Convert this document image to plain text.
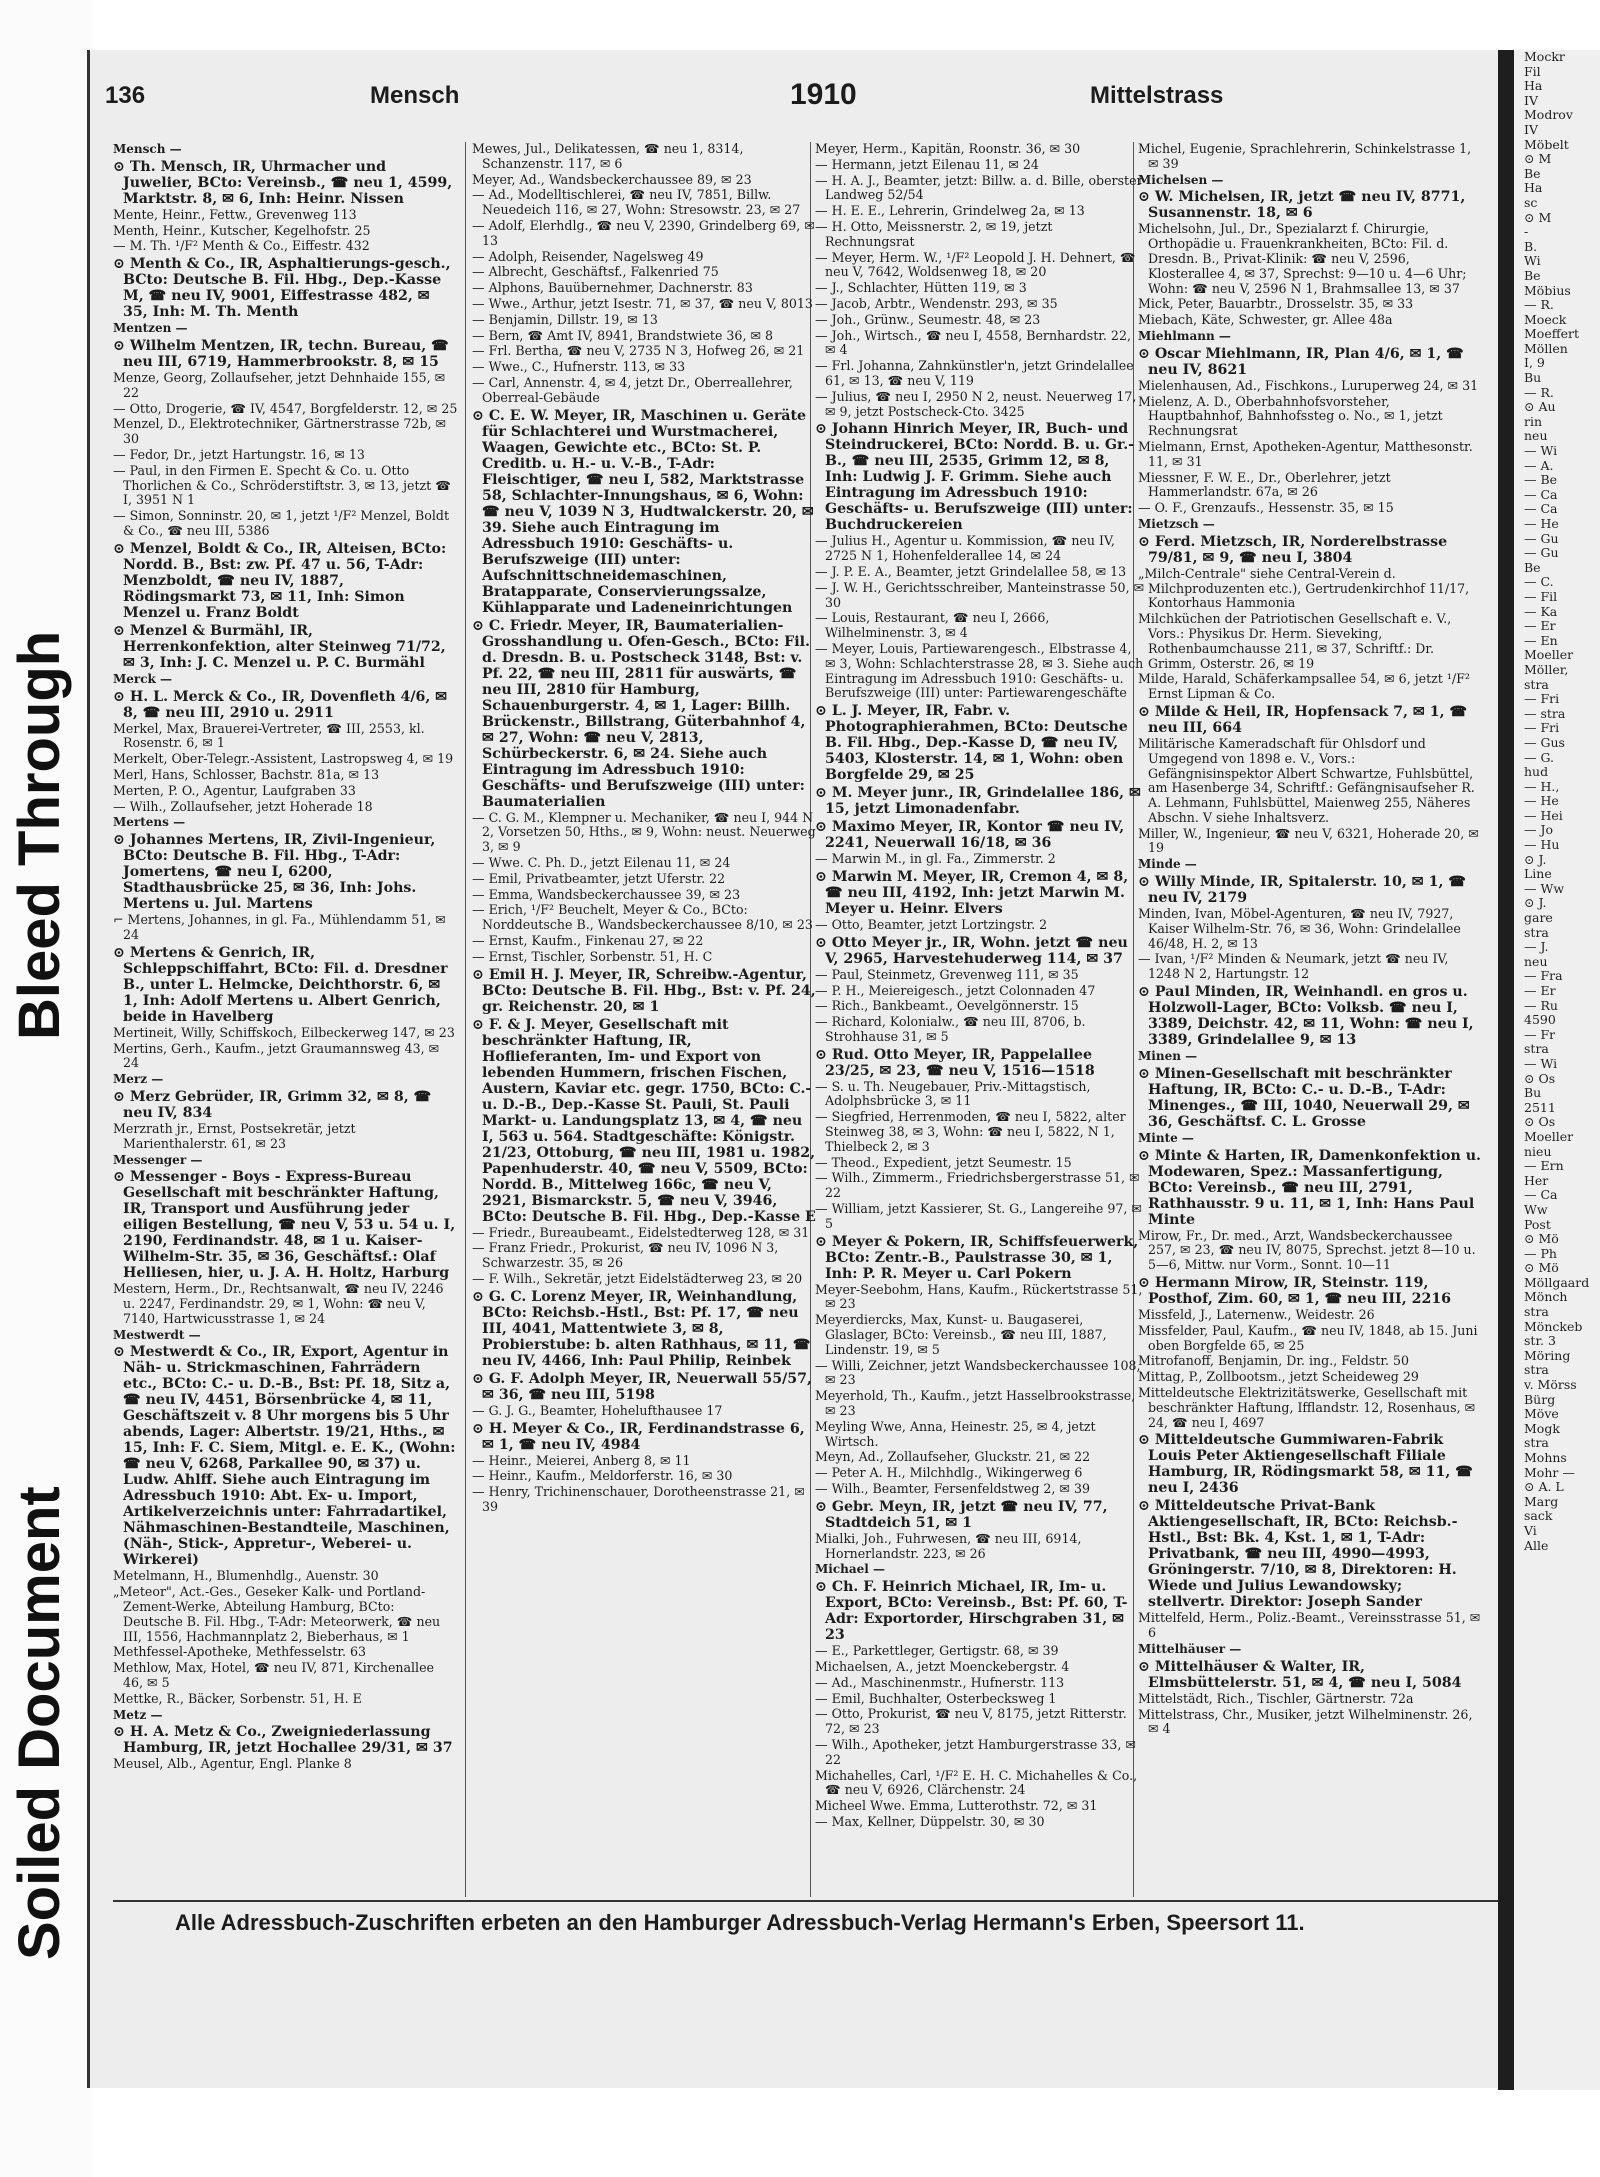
Bleed Through
Soiled Document
Mockr
Fil
Ha
IV
Modrov
IV
Möbelt
⊙ M
Be
Ha
sc
⊙ M
-
B.
Wi
Be
Möbius
— R.
Moeck
Moeffert
Möllen
I, 9
Bu
— R.
⊙ Au
rin
neu
— Wi
— A.
— Be
— Ca
— Ca
— He
— Gu
— Gu
Be
— C.
— Fil
— Ka
— Er
— En
Moeller
Möller,
stra
— Fri
— stra
— Fri
— Gus
— G.
hud
— H.,
— He
— Hei
— Jo
— Hu
⊙ J.
Line
— Ww
⊙ J.
gare
stra
— J.
neu
— Fra
— Er
— Ru
4590
— Fr
stra
— Wi
⊙ Os
Bu
2511
⊙ Os
Moeller
nieu
— Ern
Her
— Ca
Ww
Post
⊙ Mö
— Ph
⊙ Mö
Möllgaard
Mönch
stra
Mönckeb
str. 3
Möring
stra
v. Mörss
Bürg
Möve
Mogk
stra
Mohns
Mohr —
⊙ A. L
Marg
sack
Vi
Alle
136	Mensch	1910	Mittelstrass
Mensch —
⊙ Th. Mensch, IR, Uhrmacher und Juwelier, BCto: Vereinsb., ☎ neu 1, 4599, Marktstr. 8, ✉ 6, Inh: Heinr. Nissen
Mente, Heinr., Fettw., Grevenweg 113
Menth, Heinr., Kutscher, Kegelhofstr. 25
— M. Th. ¹/F² Menth & Co., Eiffestr. 432
⊙ Menth & Co., IR, Asphaltierungs-gesch., BCto: Deutsche B. Fil. Hbg., Dep.-Kasse M, ☎ neu IV, 9001, Eiffestrasse 482, ✉ 35, Inh: M. Th. Menth
Mentzen —
⊙ Wilhelm Mentzen, IR, techn. Bureau, ☎ neu III, 6719, Hammerbrookstr. 8, ✉ 15
Menze, Georg, Zollaufseher, jetzt Dehnhaide 155, ✉ 22
— Otto, Drogerie, ☎ IV, 4547, Borgfelderstr. 12, ✉ 25
Menzel, D., Elektrotechniker, Gärtnerstrasse 72b, ✉ 30
— Fedor, Dr., jetzt Hartungstr. 16, ✉ 13
— Paul, in den Firmen E. Specht & Co. u. Otto Thorlichen & Co., Schröderstiftstr. 3, ✉ 13, jetzt ☎ I, 3951 N 1
— Simon, Sonninstr. 20, ✉ 1, jetzt ¹/F² Menzel, Boldt & Co., ☎ neu III, 5386
⊙ Menzel, Boldt & Co., IR, Alteisen, BCto: Nordd. B., Bst: zw. Pf. 47 u. 56, T-Adr: Menzboldt, ☎ neu IV, 1887, Rödingsmarkt 73, ✉ 11, Inh: Simon Menzel u. Franz Boldt
⊙ Menzel & Burmähl, IR, Herrenkonfektion, alter Steinweg 71/72, ✉ 3, Inh: J. C. Menzel u. P. C. Burmähl
Merck —
⊙ H. L. Merck & Co., IR, Dovenfleth 4/6, ✉ 8, ☎ neu III, 2910 u. 2911
Merkel, Max, Brauerei-Vertreter, ☎ III, 2553, kl. Rosenstr. 6, ✉ 1
Merkelt, Ober-Telegr.-Assistent, Lastropsweg 4, ✉ 19
Merl, Hans, Schlosser, Bachstr. 81a, ✉ 13
Merten, P. O., Agentur, Laufgraben 33
— Wilh., Zollaufseher, jetzt Hoherade 18
Mertens —
⊙ Johannes Mertens, IR, Zivil-Ingenieur, BCto: Deutsche B. Fil. Hbg., T-Adr: Jomertens, ☎ neu I, 6200, Stadthausbrücke 25, ✉ 36, Inh: Johs. Mertens u. Jul. Martens
⌐ Mertens, Johannes, in gl. Fa., Mühlendamm 51, ✉ 24
⊙ Mertens & Genrich, IR, Schleppschiffahrt, BCto: Fil. d. Dresdner B., unter L. Helmcke, Deichthorstr. 6, ✉ 1, Inh: Adolf Mertens u. Albert Genrich, beide in Havelberg
Mertineit, Willy, Schiffskoch, Eilbeckerweg 147, ✉ 23
Mertins, Gerh., Kaufm., jetzt Graumannsweg 43, ✉ 24
Merz —
⊙ Merz Gebrüder, IR, Grimm 32, ✉ 8, ☎ neu IV, 834
Merzrath jr., Ernst, Postsekretär, jetzt Marienthalerstr. 61, ✉ 23
Messenger —
⊙ Messenger - Boys - Express-Bureau Gesellschaft mit beschränkter Haftung, IR, Transport und Ausführung jeder eiligen Bestellung, ☎ neu V, 53 u. 54 u. I, 2190, Ferdinandstr. 48, ✉ 1 u. Kaiser-Wilhelm-Str. 35, ✉ 36, Geschäftsf.: Olaf Helliesen, hier, u. J. A. H. Holtz, Harburg
Mestern, Herm., Dr., Rechtsanwalt, ☎ neu IV, 2246 u. 2247, Ferdinandstr. 29, ✉ 1, Wohn: ☎ neu V, 7140, Hartwicusstrasse 1, ✉ 24
Mestwerdt —
⊙ Mestwerdt & Co., IR, Export, Agentur in Näh- u. Strickmaschinen, Fahrrädern etc., BCto: C.- u. D.-B., Bst: Pf. 18, Sitz a, ☎ neu IV, 4451, Börsenbrücke 4, ✉ 11, Geschäftszeit v. 8 Uhr morgens bis 5 Uhr abends, Lager: Albertstr. 19/21, Hths., ✉ 15, Inh: F. C. Siem, Mitgl. e. E. K., (Wohn: ☎ neu V, 6268, Parkallee 90, ✉ 37) u. Ludw. Ahlff. Siehe auch Eintragung im Adressbuch 1910: Abt. Ex- u. Import, Artikelverzeichnis unter: Fahrradartikel, Nähmaschinen-Bestandteile, Maschinen, (Näh-, Stick-, Appretur-, Weberei- u. Wirkerei)
Metelmann, H., Blumenhdlg., Auenstr. 30
„Meteor", Act.-Ges., Geseker Kalk- und Portland-Zement-Werke, Abteilung Hamburg, BCto: Deutsche B. Fil. Hbg., T-Adr: Meteorwerk, ☎ neu III, 1556, Hachmannplatz 2, Bieberhaus, ✉ 1
Methfessel-Apotheke, Methfesselstr. 63
Methlow, Max, Hotel, ☎ neu IV, 871, Kirchenallee 46, ✉ 5
Mettke, R., Bäcker, Sorbenstr. 51, H. E
Metz —
⊙ H. A. Metz & Co., Zweigniederlassung Hamburg, IR, jetzt Hochallee 29/31, ✉ 37
Meusel, Alb., Agentur, Engl. Planke 8
Mewes, Jul., Delikatessen, ☎ neu 1, 8314, Schanzenstr. 117, ✉ 6
Meyer, Ad., Wandsbeckerchaussee 89, ✉ 23
— Ad., Modelltischlerei, ☎ neu IV, 7851, Billw. Neuedeich 116, ✉ 27, Wohn: Stresowstr. 23, ✉ 27
— Adolf, Elerhdlg., ☎ neu V, 2390, Grindelberg 69, ✉ 13
— Adolph, Reisender, Nagelsweg 49
— Albrecht, Geschäftsf., Falkenried 75
— Alphons, Bauübernehmer, Dachnerstr. 83
— Wwe., Arthur, jetzt Isestr. 71, ✉ 37, ☎ neu V, 8013
— Benjamin, Dillstr. 19, ✉ 13
— Bern, ☎ Amt IV, 8941, Brandstwiete 36, ✉ 8
— Frl. Bertha, ☎ neu V, 2735 N 3, Hofweg 26, ✉ 21
— Wwe., C., Hufnerstr. 113, ✉ 33
— Carl, Annenstr. 4, ✉ 4, jetzt Dr., Oberreallehrer, Oberreal-Gebäude
⊙ C. E. W. Meyer, IR, Maschinen u. Geräte für Schlachterei und Wurstmacherei, Waagen, Gewichte etc., BCto: St. P. Creditb. u. H.- u. V.-B., T-Adr: Fleischtiger, ☎ neu I, 582, Marktstrasse 58, Schlachter-Innungshaus, ✉ 6, Wohn: ☎ neu V, 1039 N 3, Hudtwalckerstr. 20, ✉ 39. Siehe auch Eintragung im Adressbuch 1910: Geschäfts- u. Berufszweige (III) unter: Aufschnittschneidemaschinen, Bratapparate, Conservierungssalze, Kühlapparate und Ladeneinrichtungen
⊙ C. Friedr. Meyer, IR, Baumaterialien-Grosshandlung u. Ofen-Gesch., BCto: Fil. d. Dresdn. B. u. Postscheck 3148, Bst: v. Pf. 22, ☎ neu III, 2811 für auswärts, ☎ neu III, 2810 für Hamburg, Schauenburgerstr. 4, ✉ 1, Lager: Billh. Brückenstr., Billstrang, Güterbahnhof 4, ✉ 27, Wohn: ☎ neu V, 2813, Schürbeckerstr. 6, ✉ 24. Siehe auch Eintragung im Adressbuch 1910: Geschäfts- und Berufszweige (III) unter: Baumaterialien
— C. G. M., Klempner u. Mechaniker, ☎ neu I, 944 N 2, Vorsetzen 50, Hths., ✉ 9, Wohn: neust. Neuerweg 3, ✉ 9
— Wwe. C. Ph. D., jetzt Eilenau 11, ✉ 24
— Emil, Privatbeamter, jetzt Uferstr. 22
— Emma, Wandsbeckerchaussee 39, ✉ 23
— Erich, ¹/F² Beuchelt, Meyer & Co., BCto: Norddeutsche B., Wandsbeckerchaussee 8/10, ✉ 23
— Ernst, Kaufm., Finkenau 27, ✉ 22
— Ernst, Tischler, Sorbenstr. 51, H. C
⊙ Emil H. J. Meyer, IR, Schreibw.-Agentur, BCto: Deutsche B. Fil. Hbg., Bst: v. Pf. 24, gr. Reichenstr. 20, ✉ 1
⊙ F. & J. Meyer, Gesellschaft mit beschränkter Haftung, IR, Hoflieferanten, Im- und Export von lebenden Hummern, frischen Fischen, Austern, Kaviar etc. gegr. 1750, BCto: C.- u. D.-B., Dep.-Kasse St. Pauli, St. Pauli Markt- u. Landungsplatz 13, ✉ 4, ☎ neu I, 563 u. 564. Stadtgeschäfte: Königstr. 21/23, Ottoburg, ☎ neu III, 1981 u. 1982, Papenhuderstr. 40, ☎ neu V, 5509, BCto: Nordd. B., Mittelweg 166c, ☎ neu V, 2921, Bismarckstr. 5, ☎ neu V, 3946, BCto: Deutsche B. Fil. Hbg., Dep.-Kasse E
— Friedr., Bureaubeamt., Eidelstedterweg 128, ✉ 31
— Franz Friedr., Prokurist, ☎ neu IV, 1096 N 3, Schwarzestr. 35, ✉ 26
— F. Wilh., Sekretär, jetzt Eidelstädterweg 23, ✉ 20
⊙ G. C. Lorenz Meyer, IR, Weinhandlung, BCto: Reichsb.-Hstl., Bst: Pf. 17, ☎ neu III, 4041, Mattentwiete 3, ✉ 8, Probierstube: b. alten Rathhaus, ✉ 11, ☎ neu IV, 4466, Inh: Paul Philip, Reinbek
⊙ G. F. Adolph Meyer, IR, Neuerwall 55/57, ✉ 36, ☎ neu III, 5198
— G. J. G., Beamter, Hohelufthausee 17
⊙ H. Meyer & Co., IR, Ferdinandstrasse 6, ✉ 1, ☎ neu IV, 4984
— Heinr., Meierei, Anberg 8, ✉ 11
— Heinr., Kaufm., Meldorferstr. 16, ✉ 30
— Henry, Trichinenschauer, Dorotheenstrasse 21, ✉ 39
Meyer, Herm., Kapitän, Roonstr. 36, ✉ 30
— Hermann, jetzt Eilenau 11, ✉ 24
— H. A. J., Beamter, jetzt: Billw. a. d. Bille, oberster Landweg 52/54
— H. E. E., Lehrerin, Grindelweg 2a, ✉ 13
— H. Otto, Meissnerstr. 2, ✉ 19, jetzt Rechnungsrat
— Meyer, Herm. W., ¹/F² Leopold J. H. Dehnert, ☎ neu V, 7642, Woldsenweg 18, ✉ 20
— J., Schlachter, Hütten 119, ✉ 3
— Jacob, Arbtr., Wendenstr. 293, ✉ 35
— Joh., Grünw., Seumestr. 48, ✉ 23
— Joh., Wirtsch., ☎ neu I, 4558, Bernhardstr. 22, ✉ 4
— Frl. Johanna, Zahnkünstler'n, jetzt Grindelallee 61, ✉ 13, ☎ neu V, 119
— Julius, ☎ neu I, 2950 N 2, neust. Neuerweg 17, ✉ 9, jetzt Postscheck-Cto. 3425
⊙ Johann Hinrich Meyer, IR, Buch- und Steindruckerei, BCto: Nordd. B. u. Gr.-B., ☎ neu III, 2535, Grimm 12, ✉ 8, Inh: Ludwig J. F. Grimm. Siehe auch Eintragung im Adressbuch 1910: Geschäfts- u. Berufszweige (III) unter: Buchdruckereien
— Julius H., Agentur u. Kommission, ☎ neu IV, 2725 N 1, Hohenfelderallee 14, ✉ 24
— J. P. E. A., Beamter, jetzt Grindelallee 58, ✉ 13
— J. W. H., Gerichtsschreiber, Manteinstrasse 50, ✉ 30
— Louis, Restaurant, ☎ neu I, 2666, Wilhelminenstr. 3, ✉ 4
— Meyer, Louis, Partiewarengesch., Elbstrasse 4, ✉ 3, Wohn: Schlachterstrasse 28, ✉ 3. Siehe auch Eintragung im Adressbuch 1910: Geschäfts- u. Berufszweige (III) unter: Partiewarengeschäfte
⊙ L. J. Meyer, IR, Fabr. v. Photographierahmen, BCto: Deutsche B. Fil. Hbg., Dep.-Kasse D, ☎ neu IV, 5403, Klosterstr. 14, ✉ 1, Wohn: oben Borgfelde 29, ✉ 25
⊙ M. Meyer junr., IR, Grindelallee 186, ✉ 15, jetzt Limonadenfabr.
⊙ Maximo Meyer, IR, Kontor ☎ neu IV, 2241, Neuerwall 16/18, ✉ 36
— Marwin M., in gl. Fa., Zimmerstr. 2
⊙ Marwin M. Meyer, IR, Cremon 4, ✉ 8, ☎ neu III, 4192, Inh: jetzt Marwin M. Meyer u. Heinr. Elvers
— Otto, Beamter, jetzt Lortzingstr. 2
⊙ Otto Meyer jr., IR, Wohn. jetzt ☎ neu V, 2965, Harvestehuderweg 114, ✉ 37
— Paul, Steinmetz, Grevenweg 111, ✉ 35
— P. H., Meiereigesch., jetzt Colonnaden 47
— Rich., Bankbeamt., Oevelgönnerstr. 15
— Richard, Kolonialw., ☎ neu III, 8706, b. Strohhause 31, ✉ 5
⊙ Rud. Otto Meyer, IR, Pappelallee 23/25, ✉ 23, ☎ neu V, 1516—1518
— S. u. Th. Neugebauer, Priv.-Mittagstisch, Adolphsbrücke 3, ✉ 11
— Siegfried, Herrenmoden, ☎ neu I, 5822, alter Steinweg 38, ✉ 3, Wohn: ☎ neu I, 5822, N 1, Thielbeck 2, ✉ 3
— Theod., Expedient, jetzt Seumestr. 15
— Wilh., Zimmerm., Friedrichsbergerstrasse 51, ✉ 22
— William, jetzt Kassierer, St. G., Langereihe 97, ✉ 5
⊙ Meyer & Pokern, IR, Schiffsfeuerwerk, BCto: Zentr.-B., Paulstrasse 30, ✉ 1, Inh: P. R. Meyer u. Carl Pokern
Meyer-Seebohm, Hans, Kaufm., Rückertstrasse 51, ✉ 23
Meyerdiercks, Max, Kunst- u. Baugaserei, Glaslager, BCto: Vereinsb., ☎ neu III, 1887, Lindenstr. 19, ✉ 5
— Willi, Zeichner, jetzt Wandsbeckerchaussee 108, ✉ 23
Meyerhold, Th., Kaufm., jetzt Hasselbrookstrasse, ✉ 23
Meyling Wwe, Anna, Heinestr. 25, ✉ 4, jetzt Wirtsch.
Meyn, Ad., Zollaufseher, Gluckstr. 21, ✉ 22
— Peter A. H., Milchhdlg., Wikingerweg 6
— Wilh., Beamter, Fersenfeldstweg 2, ✉ 39
⊙ Gebr. Meyn, IR, jetzt ☎ neu IV, 77, Stadtdeich 51, ✉ 1
Mialki, Joh., Fuhrwesen, ☎ neu III, 6914, Hornerlandstr. 223, ✉ 26
Michael —
⊙ Ch. F. Heinrich Michael, IR, Im- u. Export, BCto: Vereinsb., Bst: Pf. 60, T-Adr: Exportorder, Hirschgraben 31, ✉ 23
— E., Parkettleger, Gertigstr. 68, ✉ 39
Michaelsen, A., jetzt Moenckebergstr. 4
— Ad., Maschinenmstr., Hufnerstr. 113
— Emil, Buchhalter, Osterbecksweg 1
— Otto, Prokurist, ☎ neu V, 8175, jetzt Ritterstr. 72, ✉ 23
— Wilh., Apotheker, jetzt Hamburgerstrasse 33, ✉ 22
Michahelles, Carl, ¹/F² E. H. C. Michahelles & Co., ☎ neu V, 6926, Clärchenstr. 24
Micheel Wwe. Emma, Lutterothstr. 72, ✉ 31
— Max, Kellner, Düppelstr. 30, ✉ 30
Michel, Eugenie, Sprachlehrerin, Schinkelstrasse 1, ✉ 39
Michelsen —
⊙ W. Michelsen, IR, jetzt ☎ neu IV, 8771, Susannenstr. 18, ✉ 6
Michelsohn, Jul., Dr., Spezialarzt f. Chirurgie, Orthopädie u. Frauenkrankheiten, BCto: Fil. d. Dresdn. B., Privat-Klinik: ☎ neu V, 2596, Klosterallee 4, ✉ 37, Sprechst: 9—10 u. 4—6 Uhr; Wohn: ☎ neu V, 2596 N 1, Brahmsallee 13, ✉ 37
Mick, Peter, Bauarbtr., Drosselstr. 35, ✉ 33
Miebach, Käte, Schwester, gr. Allee 48a
Miehlmann —
⊙ Oscar Miehlmann, IR, Plan 4/6, ✉ 1, ☎ neu IV, 8621
Mielenhausen, Ad., Fischkons., Luruperweg 24, ✉ 31
Mielenz, A. D., Oberbahnhofsvorsteher, Hauptbahnhof, Bahnhofssteg o. No., ✉ 1, jetzt Rechnungsrat
Mielmann, Ernst, Apotheken-Agentur, Matthesonstr. 11, ✉ 31
Miessner, F. W. E., Dr., Oberlehrer, jetzt Hammerlandstr. 67a, ✉ 26
— O. F., Grenzaufs., Hessenstr. 35, ✉ 15
Mietzsch —
⊙ Ferd. Mietzsch, IR, Norderelbstrasse 79/81, ✉ 9, ☎ neu I, 3804
„Milch-Centrale" siehe Central-Verein d. Milchproduzenten etc.), Gertrudenkirchhof 11/17, Kontorhaus Hammonia
Milchküchen der Patriotischen Gesellschaft e. V., Vors.: Physikus Dr. Herm. Sieveking, Rothenbaumchausse 211, ✉ 37, Schriftf.: Dr. Grimm, Osterstr. 26, ✉ 19
Milde, Harald, Schäferkampsallee 54, ✉ 6, jetzt ¹/F² Ernst Lipman & Co.
⊙ Milde & Heil, IR, Hopfensack 7, ✉ 1, ☎ neu III, 664
Militärische Kameradschaft für Ohlsdorf und Umgegend von 1898 e. V., Vors.: Gefängnisinspektor Albert Schwartze, Fuhlsbüttel, am Hasenberge 34, Schriftf.: Gefängnisaufseher R. A. Lehmann, Fuhlsbüttel, Maienweg 255, Näheres Abschn. V siehe Inhaltsverz.
Miller, W., Ingenieur, ☎ neu V, 6321, Hoherade 20, ✉ 19
Minde —
⊙ Willy Minde, IR, Spitalerstr. 10, ✉ 1, ☎ neu IV, 2179
Minden, Ivan, Möbel-Agenturen, ☎ neu IV, 7927, Kaiser Wilhelm-Str. 76, ✉ 36, Wohn: Grindelallee 46/48, H. 2, ✉ 13
— Ivan, ¹/F² Minden & Neumark, jetzt ☎ neu IV, 1248 N 2, Hartungstr. 12
⊙ Paul Minden, IR, Weinhandl. en gros u. Holzwoll-Lager, BCto: Volksb. ☎ neu I, 3389, Deichstr. 42, ✉ 11, Wohn: ☎ neu I, 3389, Grindelallee 9, ✉ 13
Minen —
⊙ Minen-Gesellschaft mit beschränkter Haftung, IR, BCto: C.- u. D.-B., T-Adr: Minenges., ☎ III, 1040, Neuerwall 29, ✉ 36, Geschäftsf. C. L. Grosse
Minte —
⊙ Minte & Harten, IR, Damenkonfektion u. Modewaren, Spez.: Massanfertigung, BCto: Vereinsb., ☎ neu III, 2791, Rathhausstr. 9 u. 11, ✉ 1, Inh: Hans Paul Minte
Mirow, Fr., Dr. med., Arzt, Wandsbeckerchaussee 257, ✉ 23, ☎ neu IV, 8075, Sprechst. jetzt 8—10 u. 5—6, Mittw. nur Vorm., Sonnt. 10—11
⊙ Hermann Mirow, IR, Steinstr. 119, Posthof, Zim. 60, ✉ 1, ☎ neu III, 2216
Missfeld, J., Laternenw., Weidestr. 26
Missfelder, Paul, Kaufm., ☎ neu IV, 1848, ab 15. Juni oben Borgfelde 65, ✉ 25
Mitrofanoff, Benjamin, Dr. ing., Feldstr. 50
Mittag, P., Zollbootsm., jetzt Scheideweg 29
Mitteldeutsche Elektrizitätswerke, Gesellschaft mit beschränkter Haftung, Ifflandstr. 12, Rosenhaus, ✉ 24, ☎ neu I, 4697
⊙ Mitteldeutsche Gummiwaren-Fabrik Louis Peter Aktiengesellschaft Filiale Hamburg, IR, Rödingsmarkt 58, ✉ 11, ☎ neu I, 2436
⊙ Mitteldeutsche Privat-Bank Aktiengesellschaft, IR, BCto: Reichsb.-Hstl., Bst: Bk. 4, Kst. 1, ✉ 1, T-Adr: Privatbank, ☎ neu III, 4990—4993, Gröningerstr. 7/10, ✉ 8, Direktoren: H. Wiede und Julius Lewandowsky; stellvertr. Direktor: Joseph Sander
Mittelfeld, Herm., Poliz.-Beamt., Vereinsstrasse 51, ✉ 6
Mittelhäuser —
⊙ Mittelhäuser & Walter, IR, Elmsbüttelerstr. 51, ✉ 4, ☎ neu I, 5084
Mittelstädt, Rich., Tischler, Gärtnerstr. 72a
Mittelstrass, Chr., Musiker, jetzt Wilhelminenstr. 26, ✉ 4
Alle Adressbuch-Zuschriften erbeten an den Hamburger Adressbuch-Verlag Hermann's Erben, Speersort 11.
